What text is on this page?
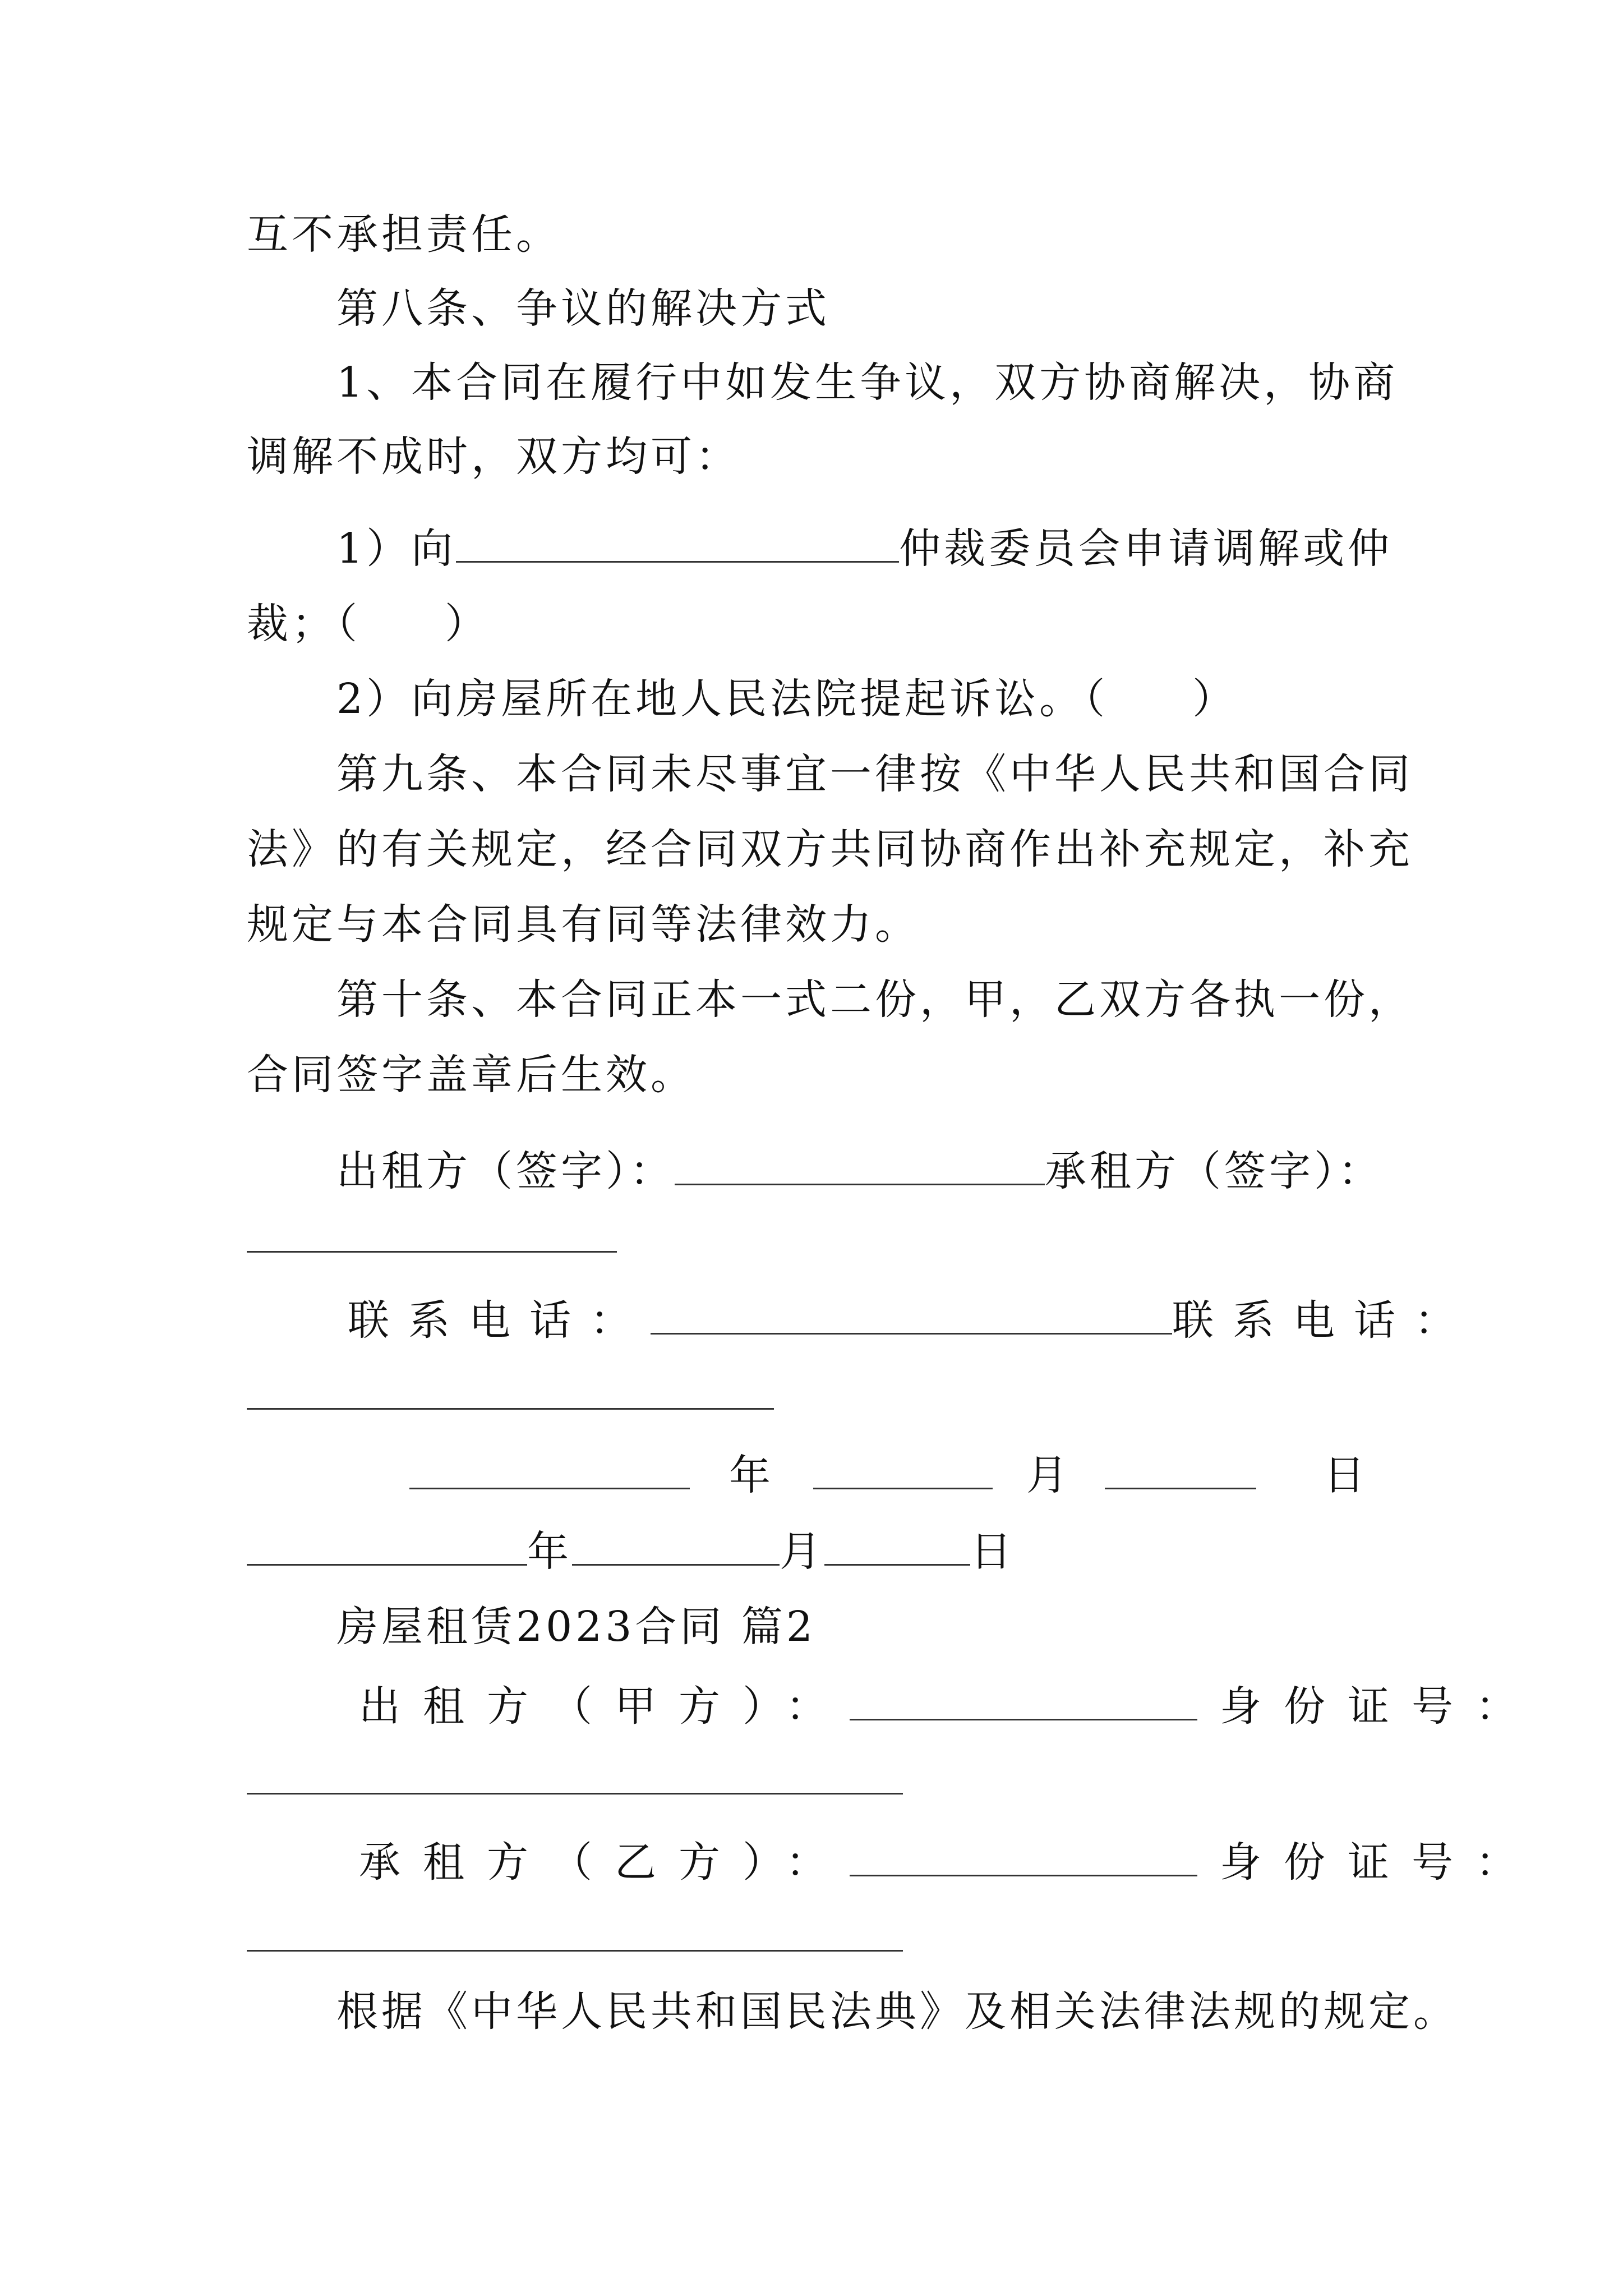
互不承担责任。
第八条、争议的解决方式
1、本合同在履行中如发生争议，双方协商解决，协商
调解不成时，双方均可：
1）向	仲裁委员会申请调解或仲
裁；（ ）
2）向房屋所在地人民法院提起诉讼。（ ）
第九条、本合同未尽事宜一律按《中华人民共和国合同
法》的有关规定，经合同双方共同协商作出补充规定，补充
规定与本合同具有同等法律效力。
第十条、本合同正本一式二份，甲，乙双方各执一份，
合同签字盖章后生效。
出租方（签字）：	承租方（签字）：
联系电话：	联系电话：
年	月	日
年	月	日
房屋租赁2023合同 篇2
出租方（甲方）：	身份证号：
承租方（乙方）：	身份证号：
根据《中华人民共和国民法典》及相关法律法规的规定。
